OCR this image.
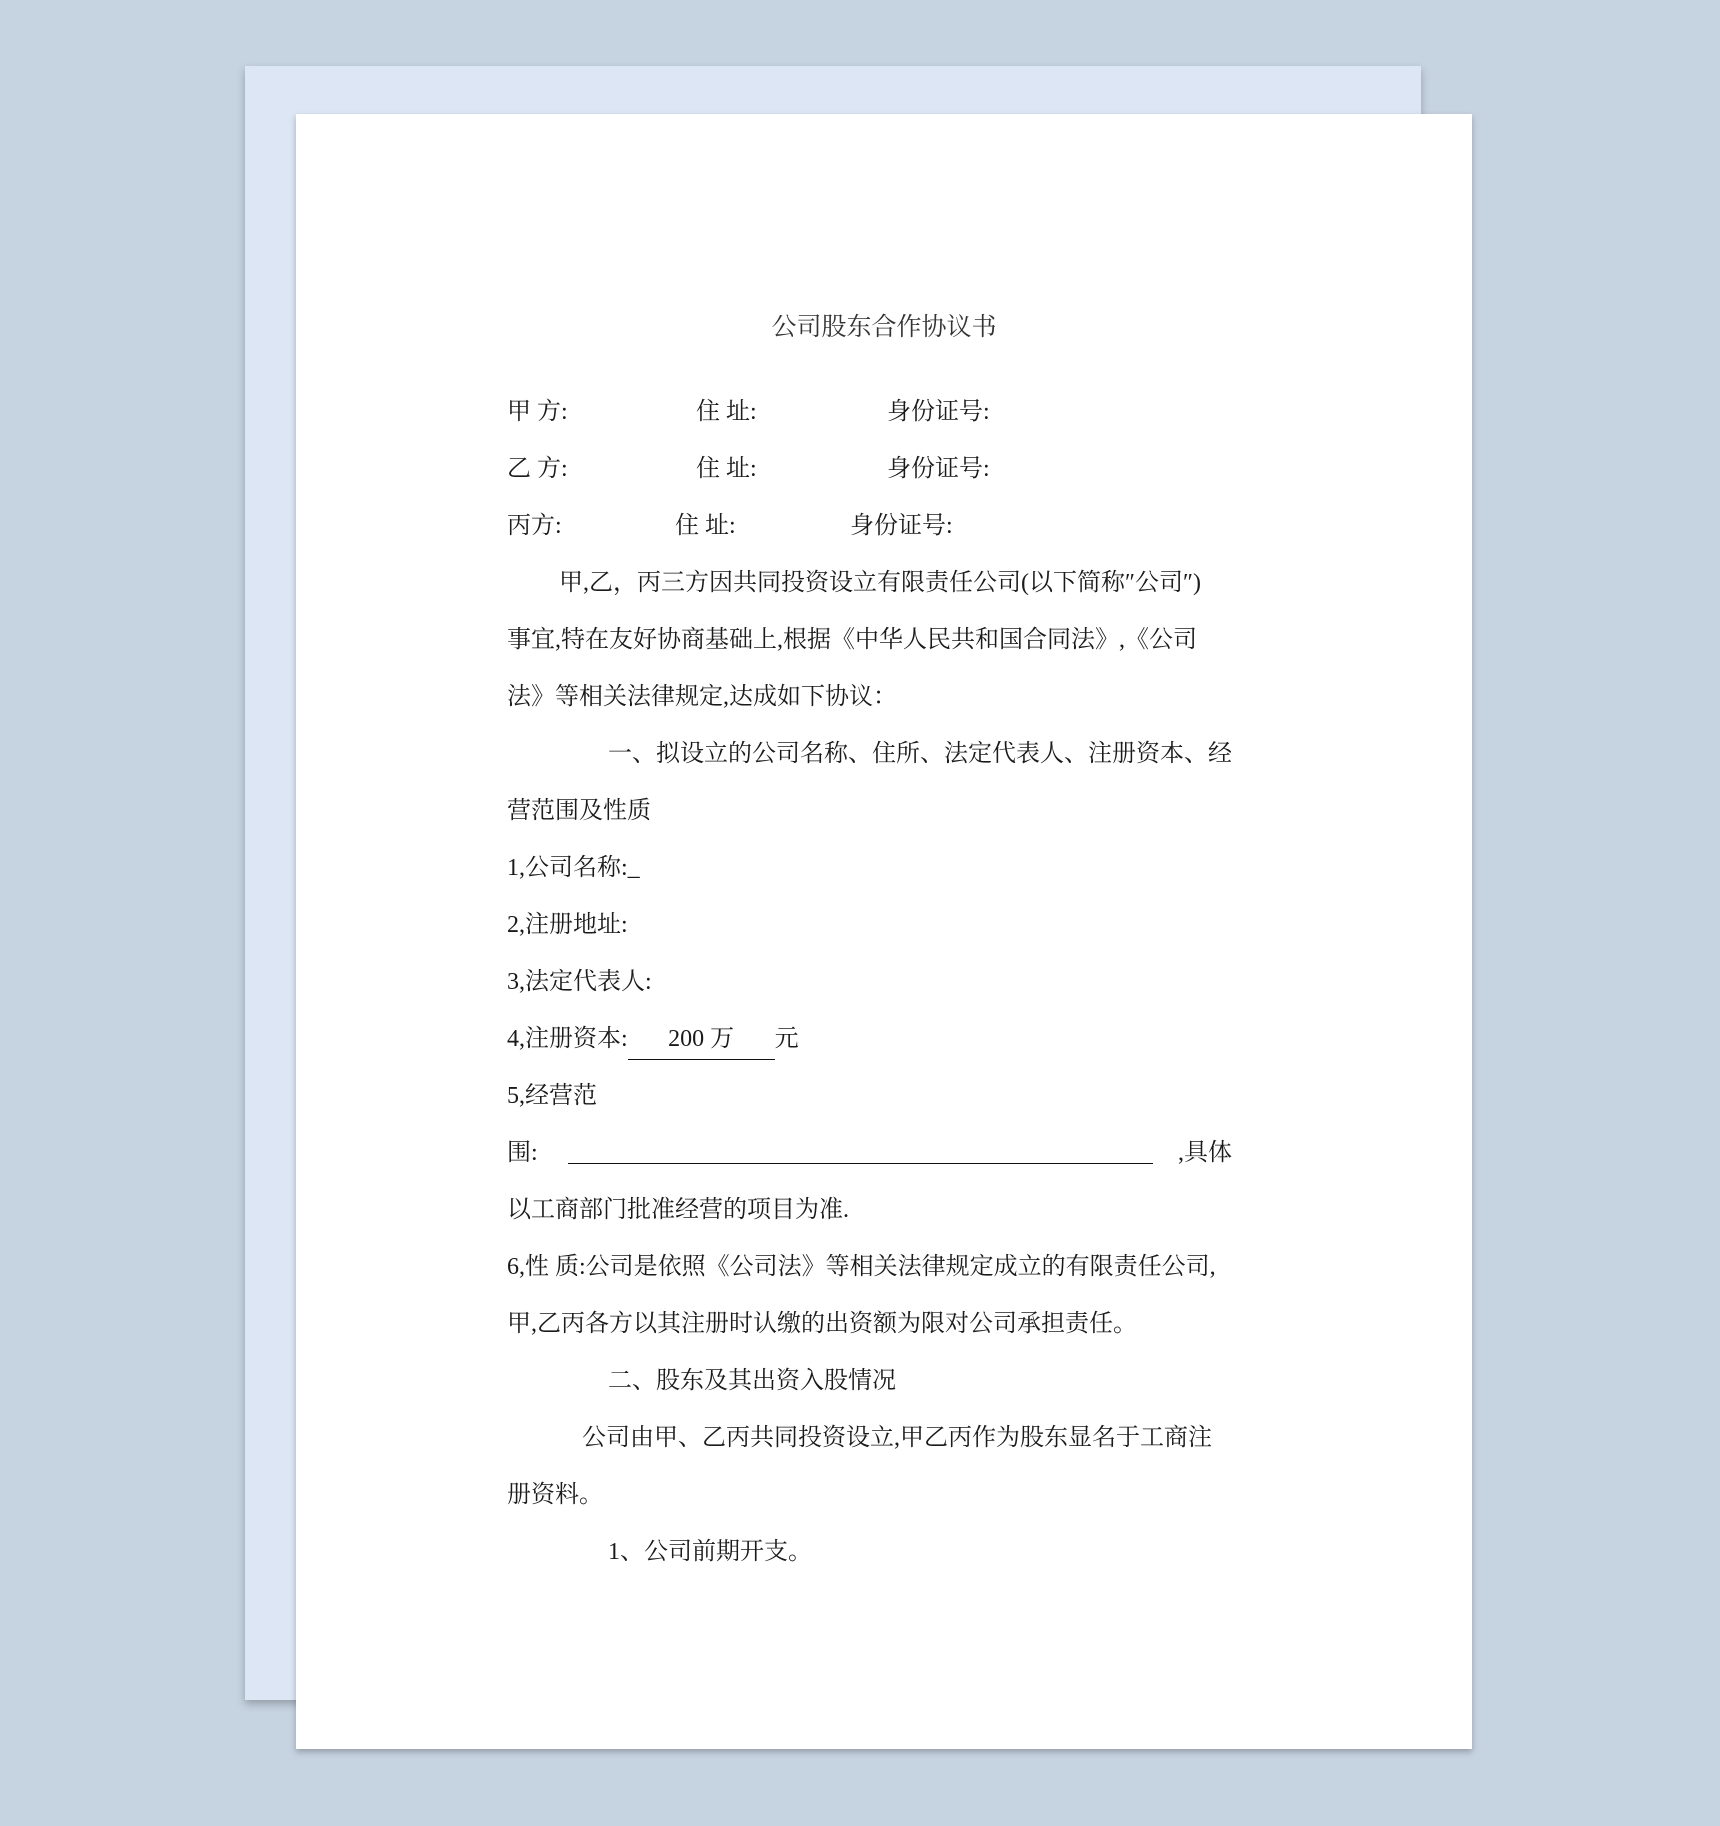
公司股东合作协议书
甲 方:	住 址:	身份证号:
乙 方:	住 址:	身份证号:
丙方:	住 址:	身份证号:
甲,乙，丙三方因共同投资设立有限责任公司(以下简称″公司″)
事宜,特在友好协商基础上,根据《中华人民共和国合同法》,《公司
法》等相关法律规定,达成如下协议：
一、拟设立的公司名称、住所、法定代表人、注册资本、经
营范围及性质
1,公司名称:_
2,注册地址:
3,法定代表人:
4,注册资本: 200 万 元
5,经营范
围:	,具体
以工商部门批准经营的项目为准.
6,性 质:公司是依照《公司法》等相关法律规定成立的有限责任公司,
甲,乙丙各方以其注册时认缴的出资额为限对公司承担责任。
二、股东及其出资入股情况
公司由甲、乙丙共同投资设立,甲乙丙作为股东显名于工商注
册资料。
1、公司前期开支。
